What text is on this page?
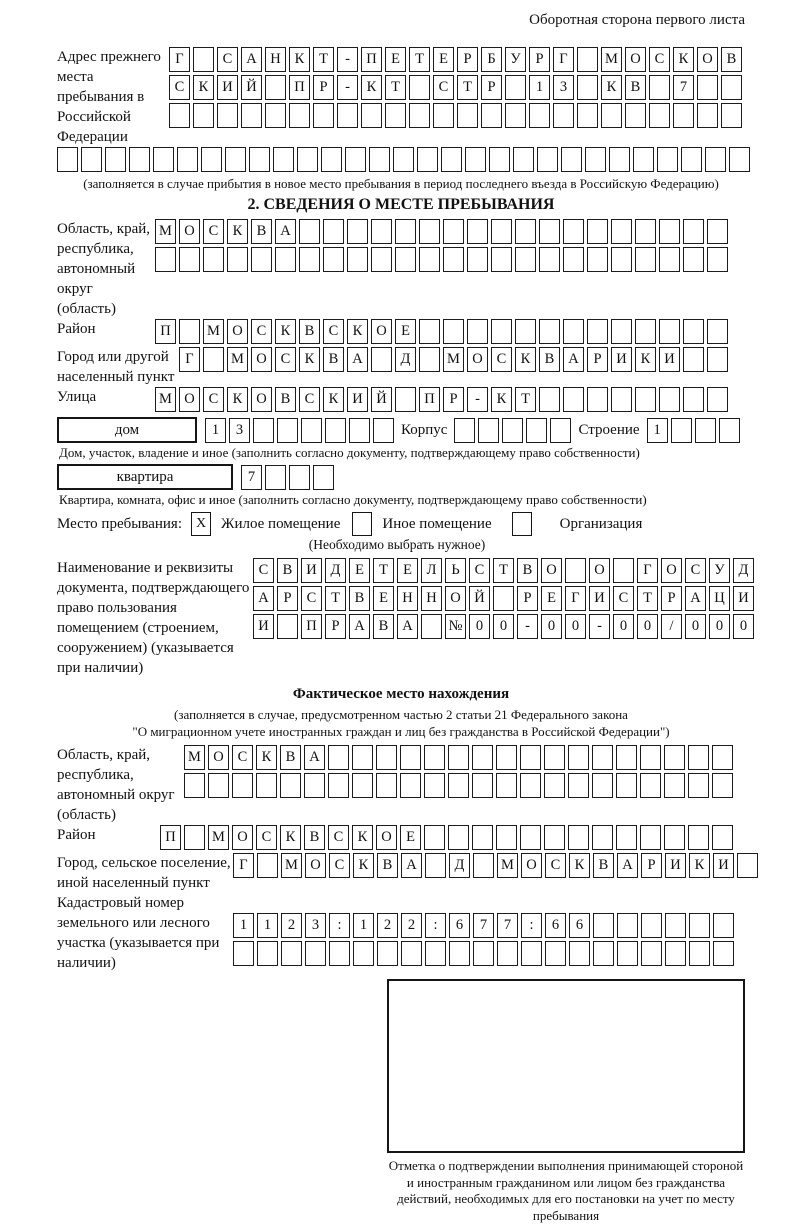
Оборотная сторона первого листа
Адрес прежнего места пребывания в Российской Федерации
Г	С А Н К	Т	-	П Е	Т	Е	Р	Б	У	Р	Г	М О С К О В
С К И Й	П	Р	-	К	Т	С	Т	Р	1	3	К В	7
(заполняется в случае прибытия в новое место пребывания в период последнего въезда в Российскую Федерацию)
2. СВЕДЕНИЯ О МЕСТЕ ПРЕБЫВАНИЯ
Область, край, республика, автономный округ (область)
М О С К В А
Район	П	М О С К В С К О Е
Город или другой населенный пункт
Г	М О С К В А	Д	М О С К В А	Р	И К И
Улица	М О С К О В С К И Й	П	Р	-	К	Т
дом	1	3	Корпус	Строение 1
Дом, участок, владение и иное (заполнить согласно документу, подтверждающему право собственности)
квартира	7
Квартира, комната, офис и иное (заполнить согласно документу, подтверждающему право собственности)
Место пребывания: X Жилое помещение	Иное помещение	Организация
(Необходимо выбрать нужное)
Наименование и реквизиты документа, подтверждающего право пользования помещением (строением, сооружением) (указывается при наличии)
С В И Д	Е	Т	Е	Л	Ь	С	Т	В О	О	Г	О С У Д
А	Р	С	Т	В	Е Н Н О Й	Р	Е	Г	И С	Т	Р	А Ц И
И	П	Р	А В А	№ 0	0	-	0	0	-	0	0	/	0	0	0
Фактическое место нахождения
(заполняется в случае, предусмотренном частью 2 статьи 21 Федерального закона
"О миграционном учете иностранных граждан и лиц без гражданства в Российской Федерации")
Область, край, республика, автономный округ (область)
М О С К В А
Район	П	М О С К В С К О Е
Город, сельское поселение, иной населенный пункт
Г	М О С К В А	Д	М О С К В А	Р	И К И
Кадастровый номер земельного или лесного участка (указывается при наличии)
1	1	2	3	:	1	2	2	:	6	7	7	:	6	6
Отметка о подтверждении выполнения принимающей стороной и иностранным гражданином или лицом без гражданства действий, необходимых для его постановки на учет по месту пребывания
